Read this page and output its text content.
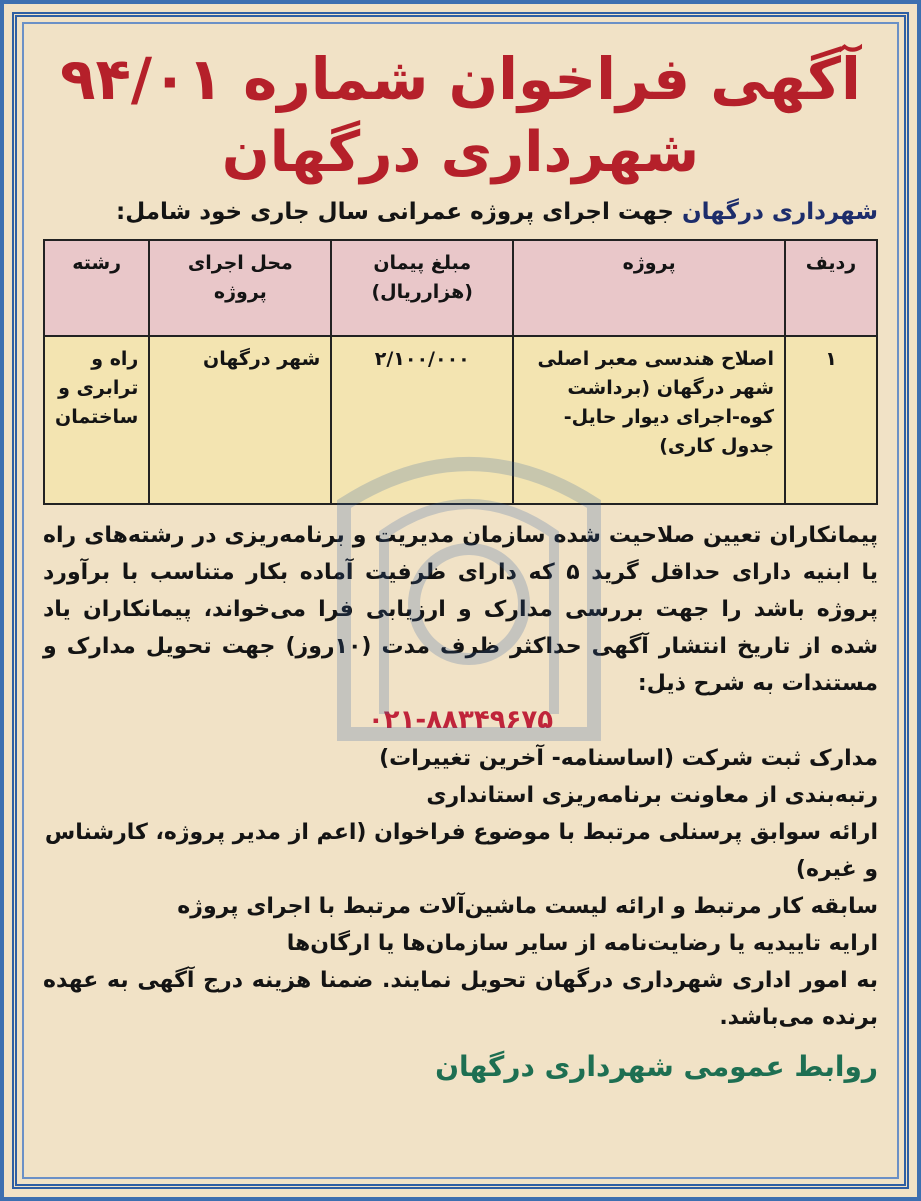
آگهی فراخوان شماره ۹۴/۰۱
شهرداری درگهان
شهرداری درگهان جهت اجرای پروژه عمرانی سال جاری خود شامل:
ردیف	پروژه	مبلغ پیمان (هزارریال)	محل اجرای پروژه	رشته
۱	اصلاح هندسی معبر اصلی شهر درگهان (برداشت کوه-اجرای دیوار حایل- جدول کاری)	۲/۱۰۰/۰۰۰	شهر درگهان	راه و ترابری و ساختمان

پیمانکاران تعیین صلاحیت شده سازمان مدیریت و برنامه‌ریزی در رشته‌های راه یا ابنیه دارای حداقل گرید ۵ که دارای ظرفیت آماده بکار متناسب با برآورد پروژه باشد را جهت بررسی مدارک و ارزیابی فرا می‌خواند، پیمانکاران یاد شده از تاریخ انتشار آگهی حداکثر ظرف مدت (۱۰روز) جهت تحویل مدارک و مستندات به شرح ذیل:

۰۲۱-۸۸۳۴۹۶۷۵
مدارک ثبت شرکت (اساسنامه- آخرین تغییرات)
رتبه‌بندی از معاونت برنامه‌ریزی استانداری
ارائه سوابق پرسنلی مرتبط با موضوع فراخوان (اعم از مدیر پروژه، کارشناس و غیره)
سابقه کار مرتبط و ارائه لیست ماشین‌آلات مرتبط با اجرای پروژه
ارایه تاییدیه یا رضایت‌نامه از سایر سازمان‌ها یا ارگان‌ها

به امور اداری شهرداری درگهان تحویل نمایند. ضمنا هزینه درج آگهی به عهده برنده می‌باشد.

روابط عمومی شهرداری درگهان
